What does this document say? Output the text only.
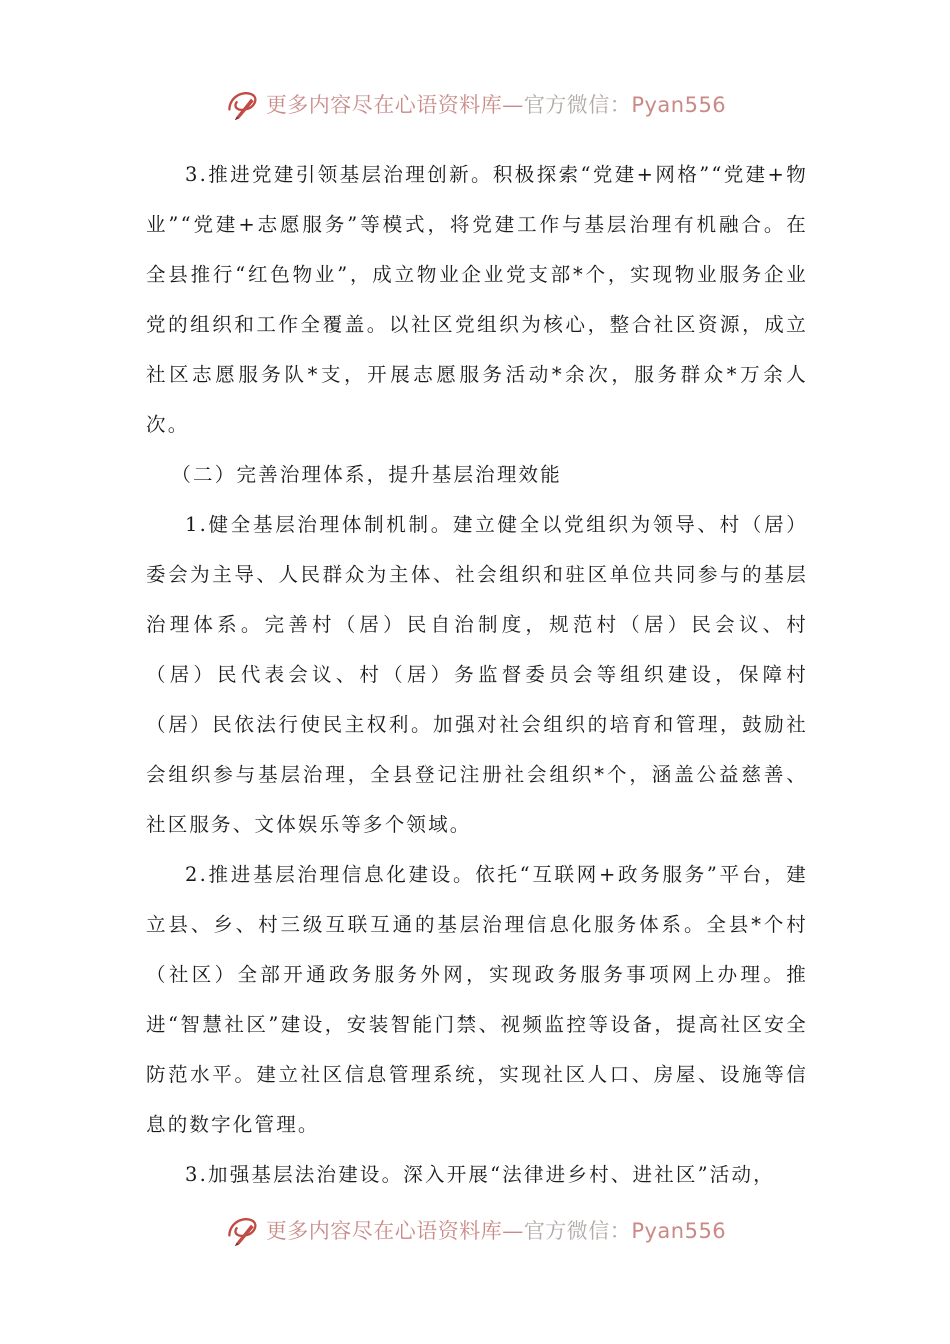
更多内容尽在心语资料库—官方微信：Pyan556

3.推进党建引领基层治理创新。积极探索“党建+网格”“党建+物业”“党建+志愿服务”等模式，将党建工作与基层治理有机融合。在全县推行“红色物业”，成立物业企业党支部*个，实现物业服务企业党的组织和工作全覆盖。以社区党组织为核心，整合社区资源，成立社区志愿服务队*支，开展志愿服务活动*余次，服务群众*万余人次。

（二）完善治理体系，提升基层治理效能

1.健全基层治理体制机制。建立健全以党组织为领导、村（居）委会为主导、人民群众为主体、社会组织和驻区单位共同参与的基层治理体系。完善村（居）民自治制度，规范村（居）民会议、村（居）民代表会议、村（居）务监督委员会等组织建设，保障村（居）民依法行使民主权利。加强对社会组织的培育和管理，鼓励社会组织参与基层治理，全县登记注册社会组织*个，涵盖公益慈善、社区服务、文体娱乐等多个领域。

2.推进基层治理信息化建设。依托“互联网+政务服务”平台，建立县、乡、村三级互联互通的基层治理信息化服务体系。全县*个村（社区）全部开通政务服务外网，实现政务服务事项网上办理。推进“智慧社区”建设，安装智能门禁、视频监控等设备，提高社区安全防范水平。建立社区信息管理系统，实现社区人口、房屋、设施等信息的数字化管理。

3.加强基层法治建设。深入开展“法律进乡村、进社区”活动，

更多内容尽在心语资料库—官方微信：Pyan556
